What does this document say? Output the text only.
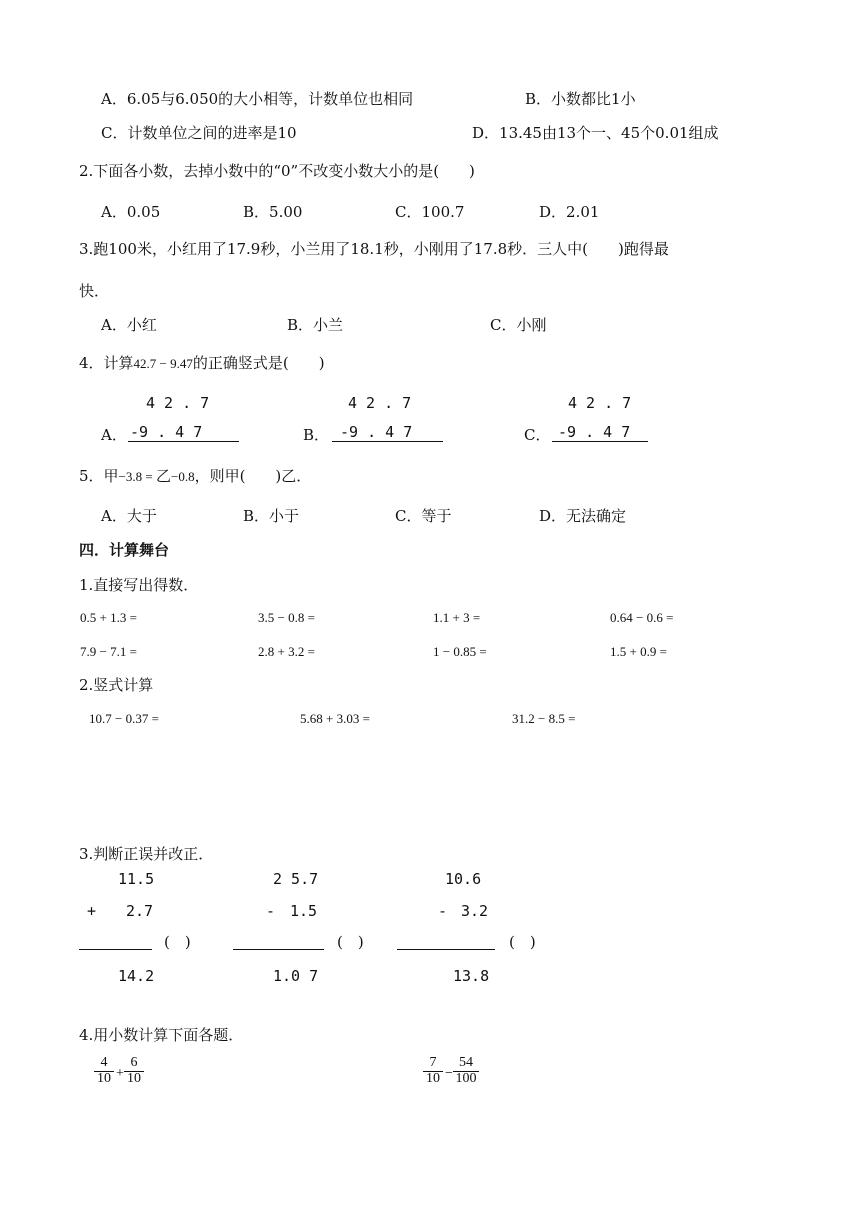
A．6.05与6.050的大小相等，计数单位也相同	B．小数都比1小
C．计数单位之间的进率是10	D．13.45由13个一、45个0.01组成
2.下面各小数，去掉小数中的“0”不改变小数大小的是(　　)
A．0.05	B．5.00	C．100.7	D．2.01
3.跑100米，小红用了17.9秒，小兰用了18.1秒，小刚用了17.8秒．三人中(　　)跑得最
快．
A．小红	B．小兰	C．小刚
4．计算42.7 − 9.47的正确竖式是(　　)
4 2 . 7
A． -9 . 4 7
4 2 . 7
B． -9 . 4 7
4 2 . 7
C． -9 . 4 7
5．甲−3.8 = 乙−0.8，则甲(　　)乙．
A．大于	B．小于	C．等于	D．无法确定
四．计算舞台
1.直接写出得数．
0.5 + 1.3 =	3.5 − 0.8 =	1.1 + 3 =	0.64 − 0.6 =
7.9 − 7.1 =	2.8 + 3.2 =	1 − 0.85 =	1.5 + 0.9 =
2.竖式计算
10.7 − 0.37 =	5.68 + 3.03 =	31.2 − 8.5 =
3.判断正误并改正．
11.5
+ 2.7
(　)
14.2
2 5.7
- 1.5
(　)
1.0 7
10.6
- 3.2
(　)
13.8
4.用小数计算下面各题．
4
10 +
6
10
7
10 −
54
100
